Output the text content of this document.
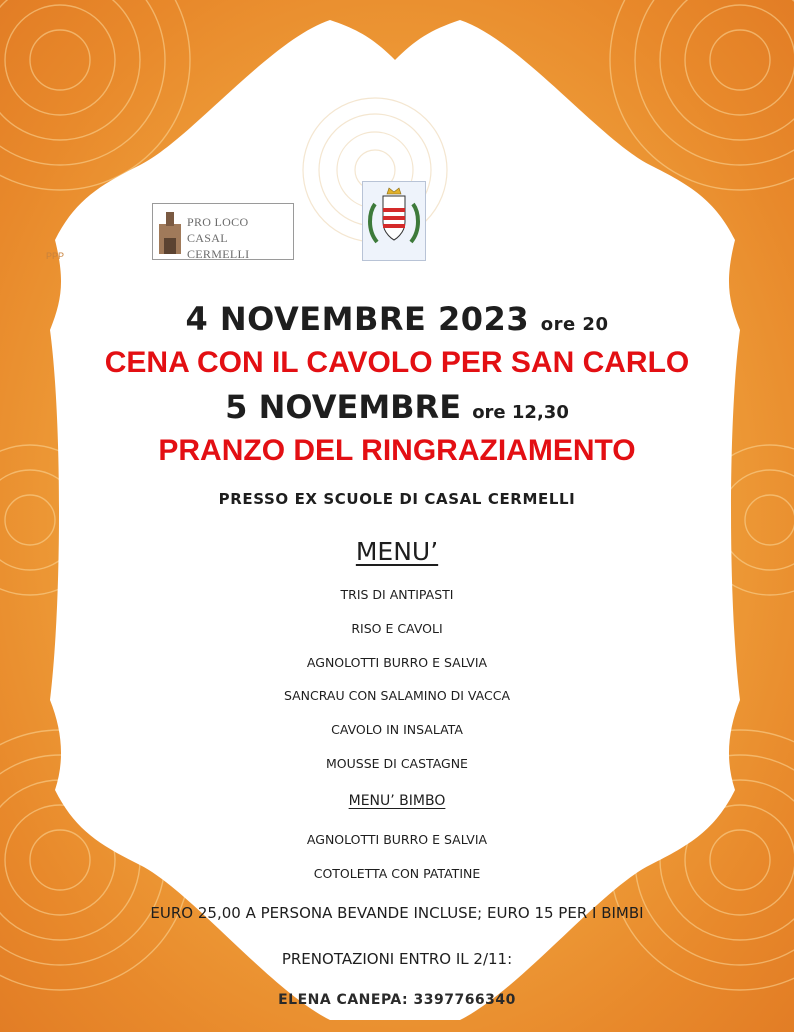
PRO LOCO
CASAL CERMELLI
PPP
4 NOVEMBRE 2023 ore 20
CENA CON IL CAVOLO PER SAN CARLO
5 NOVEMBRE ore 12,30
PRANZO DEL RINGRAZIAMENTO
PRESSO EX SCUOLE DI CASAL CERMELLI
MENU’
TRIS DI ANTIPASTI
RISO E CAVOLI
AGNOLOTTI BURRO E SALVIA
SANCRAU CON SALAMINO DI VACCA
CAVOLO IN INSALATA
MOUSSE DI CASTAGNE
MENU’ BIMBO
AGNOLOTTI BURRO E SALVIA
COTOLETTA CON PATATINE
EURO 25,00 A PERSONA BEVANDE INCLUSE; EURO 15 PER I BIMBI
PRENOTAZIONI ENTRO IL 2/11:
ELENA CANEPA: 3397766340
